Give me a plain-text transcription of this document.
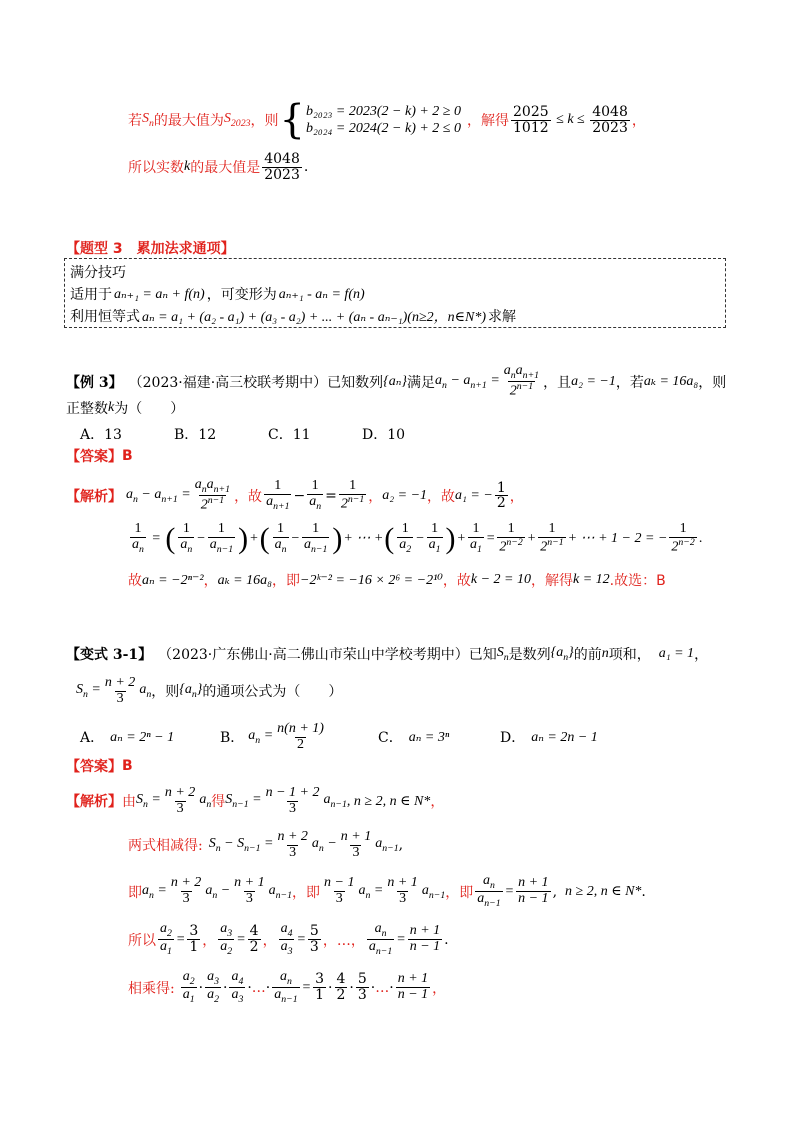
若 $S_n$ 的最大值为 $S_{2023}$ ，则 { b₂₀₂₃ = 2023(2 − k) + 2 ≥ 0
b₂₀₂₄ = 2024(2 − k) + 2 ≤ 0 ，解得 $\frac{2025}{1012} \le k \le \frac{4048}{2023}$ ，
所以实数 k 的最大值是 $\frac{4048}{2023}$ .
【题型 3　累加法求通项】
满分技巧
适用于 aₙ₊₁ = aₙ + f(n) ，可变形为 aₙ₊₁ - aₙ = f(n)
利用恒等式 aₙ = a₁ + (a₂ - a₁) + (a₃ - a₂) + ... + (aₙ - aₙ₋₁)(n≥2，n∈N*) 求解
【例 3】 （2023·福建·高三校联考期中）已知数列 {aₙ} 满足 $a_n - a_{n+1} = \frac{a_na_{n+1}}{2^{n-1}}$ ，且 a₂ = −1 ，若 aₖ = 16a₈ ，则
正整数 k 为（　　）
A．13	B．12	C．11	D．10
【答案】 B
【解析】 $a_n - a_{n+1} = \frac{a_na_{n+1}}{2^{n-1}}$ ，故 $\frac{1}{a_{n+1}} - \frac{1}{a_n} = \frac{1}{2^{n-1}}$ ， a₂ = −1 ，故 a₁ = − $\frac{1}{2}$ ，
$\frac{1}{a_n}$ = ( $\frac{1}{a_n} - \frac{1}{a_{n-1}}$ ) + ( $\frac{1}{a_n} - \frac{1}{a_{n-1}}$ ) + ⋯ + ( $\frac{1}{a_2} - \frac{1}{a_1}$ ) + $\frac{1}{a_1} = \frac{1}{2^{n-2}} + \frac{1}{2^{n-1}}$ + ⋯ + 1 − 2 = − $\frac{1}{2^{n-2}}$ .
故 aₙ = −2ⁿ⁻² ， aₖ = 16a₈ ，即 −2ᵏ⁻² = −16 × 2⁶ = −2¹⁰ ，故 k − 2 = 10 ，解得 k = 12 .故选：B
【变式 3-1】 （2023·广东佛山·高二佛山市荣山中学校考期中）已知 $S_n$ 是数列 $\{a_n\}$ 的前 n 项和， a₁ = 1 ，
$S_n = \frac{n + 2}{3} a_n$ ，则 $\{a_n\}$ 的通项公式为（　　）
A． aₙ = 2ⁿ − 1	B． $a_n = \frac{n(n + 1)}{2}$	C． aₙ = 3ⁿ	D． aₙ = 2n − 1
【答案】 B
【解析】 由 $S_n = \frac{n + 2}{3} a_n$ 得 $S_{n-1} = \frac{n - 1 + 2}{3} a_{n-1}$ , n ≥ 2, n ∈ N* ，
两式相减得: $S_n - S_{n-1} = \frac{n + 2}{3} a_n - \frac{n + 1}{3} a_{n-1}$ ,
即 $a_n = \frac{n + 2}{3} a_n - \frac{n + 1}{3} a_{n-1}$ ， 即 $\frac{n - 1}{3} a_n = \frac{n + 1}{3} a_{n-1}$ ， 即 $\frac{a_n}{a_{n-1}} = \frac{n + 1}{n - 1}$ , n ≥ 2, n ∈ N* .
所以 $\frac{a_2}{a_1} = \frac{3}{1}$ ， $\frac{a_3}{a_2} = \frac{4}{2}$ ， $\frac{a_4}{a_3} = \frac{5}{3}$ ， …， $\frac{a_n}{a_{n-1}} = \frac{n + 1}{n - 1}$ .
相乘得: $\frac{a_2}{a_1} \cdot \frac{a_3}{a_2} \cdot \frac{a_4}{a_3}$ · … · $\frac{a_n}{a_{n-1}} = \frac{3}{1} \cdot \frac{4}{2} \cdot \frac{5}{3}$ · … · $\frac{n + 1}{n - 1}$ ，
